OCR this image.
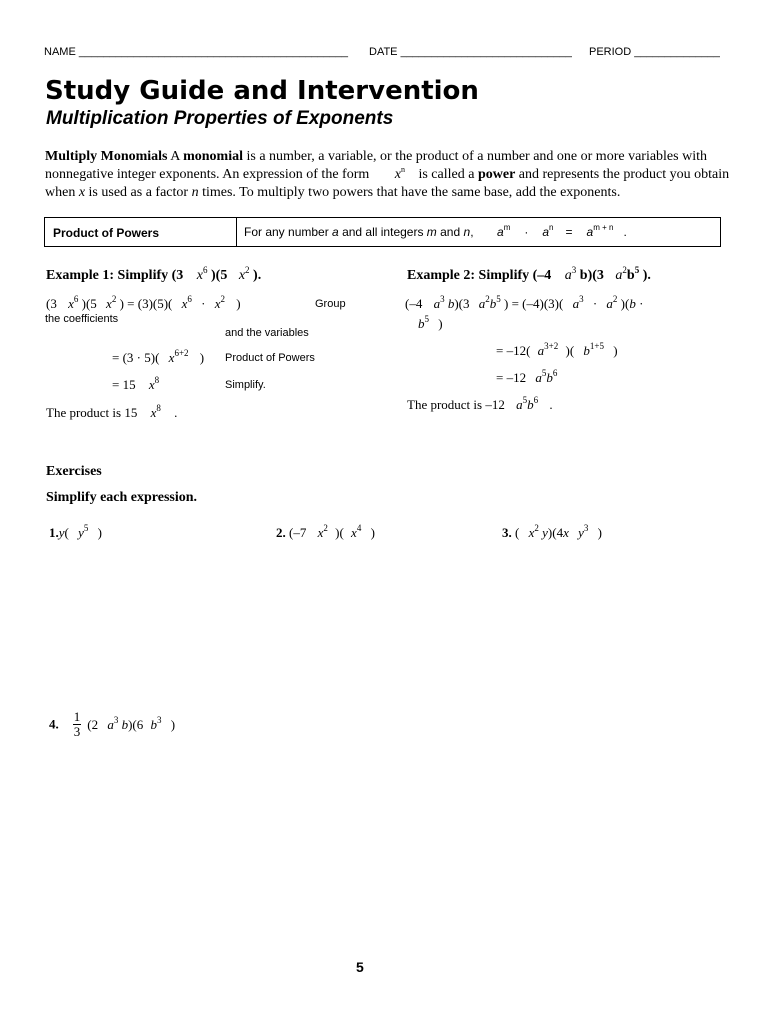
NAME ____________________________________________ DATE ____________________________ PERIOD ______________
Study Guide and Intervention
Multiplication Properties of Exponents
Multiply Monomials A monomial is a number, a variable, or the product of a number and one or more variables with
nonnegative integer exponents. An expression of the form $x^n$ is called a power and represents the product you obtain
when x is used as a factor n times. To multiply two powers that have the same base, add the exponents.
Product of Powers	For any number a and all integers m and n, $a^m \cdot a^n = a^{m + n}$ .
Example 1: Simplify (3 $x^6$ )(5 $x^2$ ).
(3 $x^6$ )(5 $x^2$ ) = (3)(5)( $x^6 \cdot x^2$ )	Group
the coefficients
and the variables
= (3 · 5)( $x^{6+2}$ ) Product of Powers
= 15 $x^8$	Simplify.
The product is 15 $x^8$ .
Example 2: Simplify (–4 $a^3$ b)(3 $a^2b^5$ ).
(–4 $a^3$ b)(3 $a^2b^5$ ) = (–4)(3)( $a^3 \cdot a^2$ )(b ·
$b^5$ )
= –12( $a^{3+2}$ )( $b^{1+5}$ )
= –12 $a^5b^6$
The product is –12 $a^5b^6$ .
Exercises
Simplify each expression.
1.y( $y^5$ )	2. (–7 $x^2$ )( $x^4$ )	3. ( $x^2$ y)(4x $y^3$ )
4. $\frac{1}{3} (2$ $a^3$ b)(6 $b^3$ )
5
